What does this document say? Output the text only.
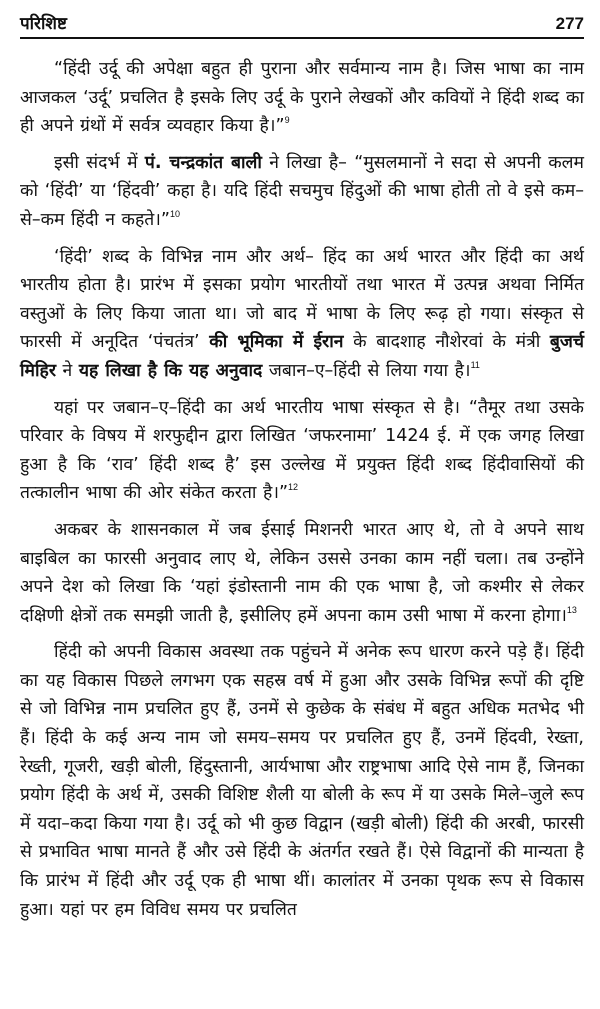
परिशिष्ट	277

“हिंदी उर्दू की अपेक्षा बहुत ही पुराना और सर्वमान्य नाम है। जिस भाषा का नाम आजकल ‘उर्दू’ प्रचलित है इसके लिए उर्दू के पुराने लेखकों और कवियों ने हिंदी शब्द का ही अपने ग्रंथों में सर्वत्र व्यवहार किया है।”$^9$

इसी संदर्भ में पं. चन्द्रकांत बाली ने लिखा है– “मुसलमानों ने सदा से अपनी कलम को ‘हिंदी’ या ‘हिंदवी’ कहा है। यदि हिंदी सचमुच हिंदुओं की भाषा होती तो वे इसे कम–से–कम हिंदी न कहते।”$^{10}$

‘हिंदी’ शब्द के विभिन्न नाम और अर्थ– हिंद का अर्थ भारत और हिंदी का अर्थ भारतीय होता है। प्रारंभ में इसका प्रयोग भारतीयों तथा भारत में उत्पन्न अथवा निर्मित वस्तुओं के लिए किया जाता था। जो बाद में भाषा के लिए रूढ़ हो गया। संस्कृत से फारसी में अनूदित ‘पंचतंत्र’ की भूमिका में ईरान के बादशाह नौशेरवां के मंत्री बुजर्च मिहिर ने यह लिखा है कि यह अनुवाद जबान–ए–हिंदी से लिया गया है।$^{11}$

यहां पर जबान–ए–हिंदी का अर्थ भारतीय भाषा संस्कृत से है। “तैमूर तथा उसके परिवार के विषय में शरफुद्दीन द्वारा लिखित ‘जफरनामा’ 1424 ई. में एक जगह लिखा हुआ है कि ‘राव’ हिंदी शब्द है’ इस उल्लेख में प्रयुक्त हिंदी शब्द हिंदीवासियों की तत्कालीन भाषा की ओर संकेत करता है।”$^{12}$

अकबर के शासनकाल में जब ईसाई मिशनरी भारत आए थे, तो वे अपने साथ बाइबिल का फारसी अनुवाद लाए थे, लेकिन उससे उनका काम नहीं चला। तब उन्होंने अपने देश को लिखा कि ‘यहां इंडोस्तानी नाम की एक भाषा है, जो कश्मीर से लेकर दक्षिणी क्षेत्रों तक समझी जाती है, इसीलिए हमें अपना काम उसी भाषा में करना होगा।$^{13}$

हिंदी को अपनी विकास अवस्था तक पहुंचने में अनेक रूप धारण करने पड़े हैं। हिंदी का यह विकास पिछले लगभग एक सहस्र वर्ष में हुआ और उसके विभिन्न रूपों की दृष्टि से जो विभिन्न नाम प्रचलित हुए हैं, उनमें से कुछेक के संबंध में बहुत अधिक मतभेद भी हैं। हिंदी के कई अन्य नाम जो समय–समय पर प्रचलित हुए हैं, उनमें हिंदवी, रेख्ता, रेख्ती, गूजरी, खड़ी बोली, हिंदुस्तानी, आर्यभाषा और राष्ट्रभाषा आदि ऐसे नाम हैं, जिनका प्रयोग हिंदी के अर्थ में, उसकी विशिष्ट शैली या बोली के रूप में या उसके मिले–जुले रूप में यदा–कदा किया गया है। उर्दू को भी कुछ विद्वान (खड़ी बोली) हिंदी की अरबी, फारसी से प्रभावित भाषा मानते हैं और उसे हिंदी के अंतर्गत रखते हैं। ऐसे विद्वानों की मान्यता है कि प्रारंभ में हिंदी और उर्दू एक ही भाषा थीं। कालांतर में उनका पृथक रूप से विकास हुआ। यहां पर हम विविध समय पर प्रचलित
